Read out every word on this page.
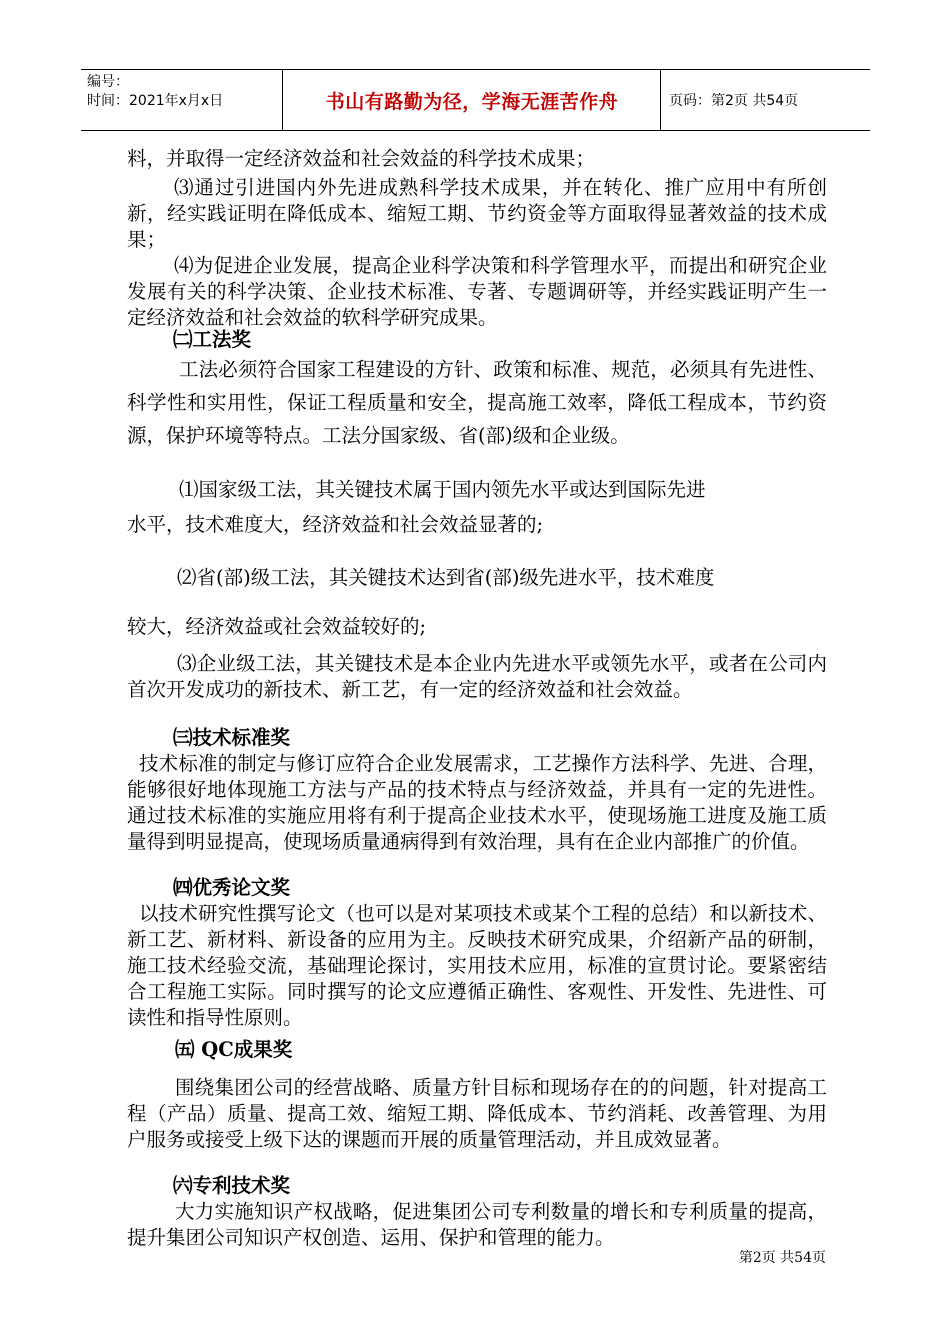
编号：
时间：2021年x月x日	书山有路勤为径，学海无涯苦作舟	页码：第2页 共54页

料，并取得一定经济效益和社会效益的科学技术成果；

⑶通过引进国内外先进成熟科学技术成果，并在转化、推广应用中有所创新，经实践证明在降低成本、缩短工期、节约资金等方面取得显著效益的技术成果；

⑷为促进企业发展，提高企业科学决策和科学管理水平，而提出和研究企业发展有关的科学决策、企业技术标准、专著、专题调研等，并经实践证明产生一定经济效益和社会效益的软科学研究成果。

㈡工法奖

工法必须符合国家工程建设的方针、政策和标准、规范，必须具有先进性、科学性和实用性，保证工程质量和安全，提高施工效率，降低工程成本，节约资源，保护环境等特点。工法分国家级、省(部)级和企业级。

⑴国家级工法，其关键技术属于国内领先水平或达到国际先进

水平，技术难度大，经济效益和社会效益显著的;

⑵省(部)级工法，其关键技术达到省(部)级先进水平，技术难度

较大，经济效益或社会效益较好的;

⑶企业级工法，其关键技术是本企业内先进水平或领先水平，或者在公司内首次开发成功的新技术、新工艺，有一定的经济效益和社会效益。

㈢技术标准奖

技术标准的制定与修订应符合企业发展需求，工艺操作方法科学、先进、合理，能够很好地体现施工方法与产品的技术特点与经济效益，并具有一定的先进性。通过技术标准的实施应用将有利于提高企业技术水平，使现场施工进度及施工质量得到明显提高，使现场质量通病得到有效治理，具有在企业内部推广的价值。

㈣优秀论文奖

以技术研究性撰写论文（也可以是对某项技术或某个工程的总结）和以新技术、新工艺、新材料、新设备的应用为主。反映技术研究成果，介绍新产品的研制，施工技术经验交流，基础理论探讨，实用技术应用，标准的宣贯讨论。要紧密结合工程施工实际。同时撰写的论文应遵循正确性、客观性、开发性、先进性、可读性和指导性原则。

㈤ QC成果奖

围绕集团公司的经营战略、质量方针目标和现场存在的的问题，针对提高工程（产品）质量、提高工效、缩短工期、降低成本、节约消耗、改善管理、为用户服务或接受上级下达的课题而开展的质量管理活动，并且成效显著。

㈥专利技术奖

大力实施知识产权战略，促进集团公司专利数量的增长和专利质量的提高，提升集团公司知识产权创造、运用、保护和管理的能力。

第2页 共54页
